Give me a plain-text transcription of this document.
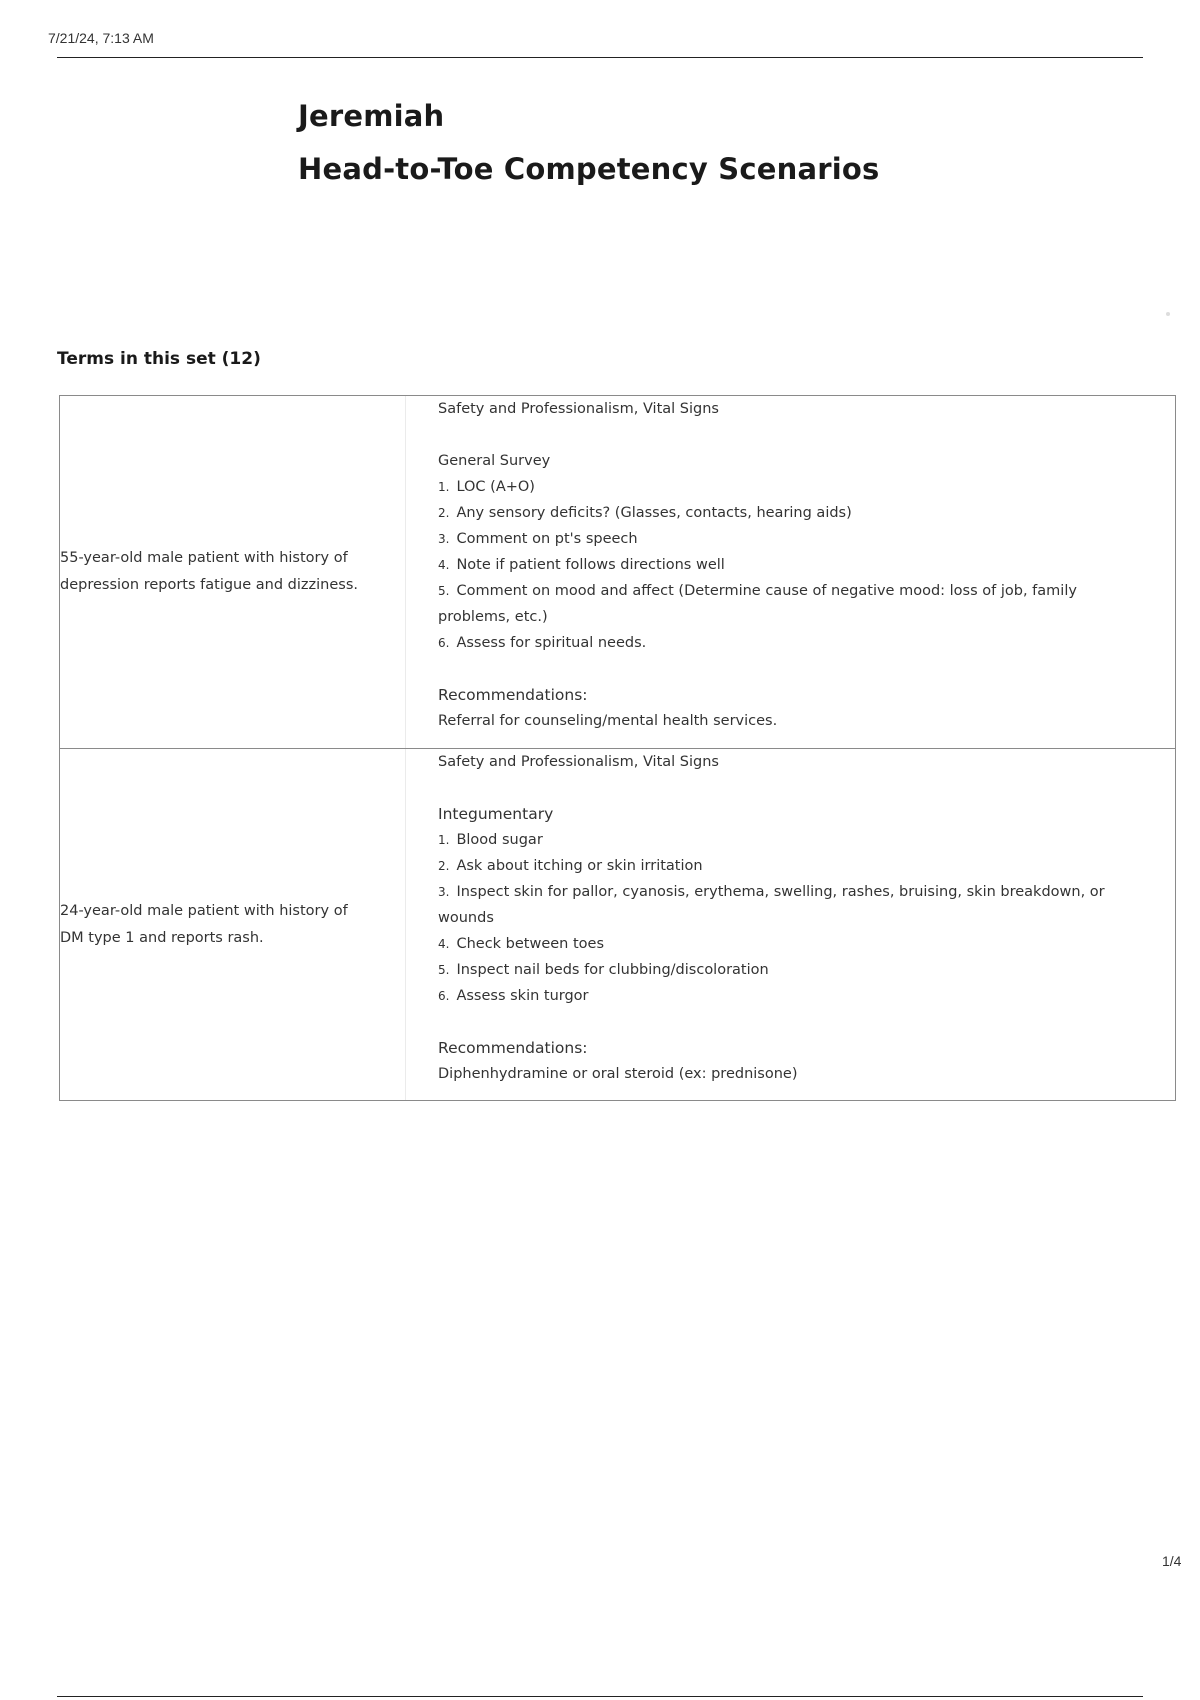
7/21/24, 7:13 AM
Jeremiah
Head-to-Toe Competency Scenarios
Terms in this set (12)
55-year-old male patient with history of depression reports fatigue and dizziness.
Safety and Professionalism, Vital Signs
General Survey
1. LOC (A+O)
2. Any sensory deficits? (Glasses, contacts, hearing aids)
3. Comment on pt's speech
4. Note if patient follows directions well
5. Comment on mood and affect (Determine cause of negative mood: loss of job, family problems, etc.)
6. Assess for spiritual needs.
Recommendations:
Referral for counseling/mental health services.
24-year-old male patient with history of DM type 1 and reports rash.
Safety and Professionalism, Vital Signs
Integumentary
1. Blood sugar
2. Ask about itching or skin irritation
3. Inspect skin for pallor, cyanosis, erythema, swelling, rashes, bruising, skin breakdown, or wounds
4. Check between toes
5. Inspect nail beds for clubbing/discoloration
6. Assess skin turgor
Recommendations:
Diphenhydramine or oral steroid (ex: prednisone)
1/4
